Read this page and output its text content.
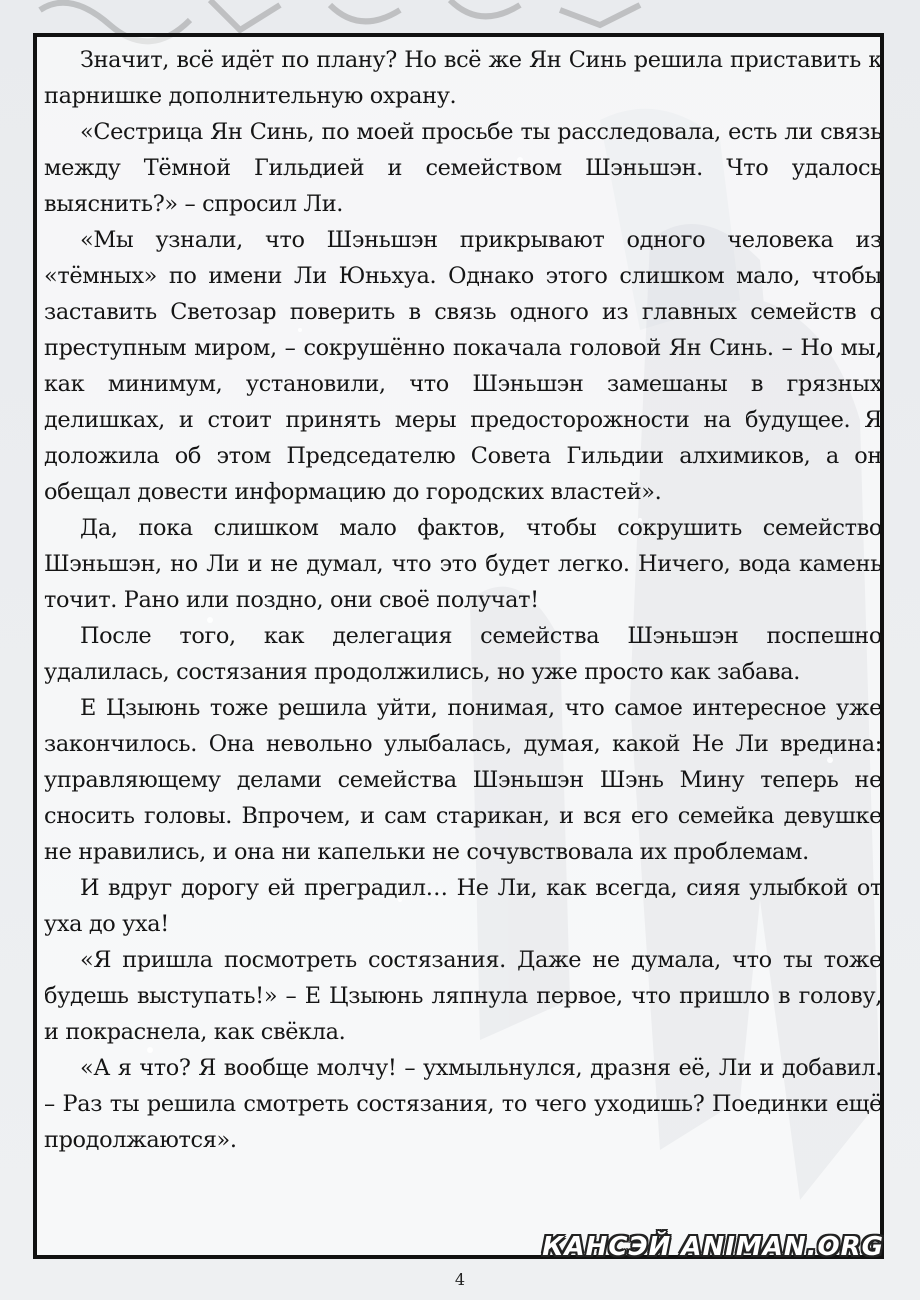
Значит, всё идёт по плану? Но всё же Ян Синь решила приставить к парнишке дополнительную охрану.

«Сестрица Ян Синь, по моей просьбе ты расследовала, есть ли связь между Тёмной Гильдией и семейством Шэньшэн. Что удалось выяснить?» – спросил Ли.

«Мы узнали, что Шэньшэн прикрывают одного человека из «тёмных» по имени Ли Юньхуа. Однако этого слишком мало, чтобы заставить Светозар поверить в связь одного из главных семейств с преступным миром, – сокрушённо покачала головой Ян Синь. – Но мы, как минимум, установили, что Шэньшэн замешаны в грязных делишках, и стоит принять меры предосторожности на будущее. Я доложила об этом Председателю Совета Гильдии алхимиков, а он обещал довести информацию до городских властей».

Да, пока слишком мало фактов, чтобы сокрушить семейство Шэньшэн, но Ли и не думал, что это будет легко. Ничего, вода камень точит. Рано или поздно, они своё получат!

После того, как делегация семейства Шэньшэн поспешно удалилась, состязания продолжились, но уже просто как забава.

Е Цзыюнь тоже решила уйти, понимая, что самое интересное уже закончилось. Она невольно улыбалась, думая, какой Не Ли вредина: управляющему делами семейства Шэньшэн Шэнь Мину теперь не сносить головы. Впрочем, и сам старикан, и вся его семейка девушке не нравились, и она ни капельки не сочувствовала их проблемам.

И вдруг дорогу ей преградил… Не Ли, как всегда, сияя улыбкой от уха до уха!

«Я пришла посмотреть состязания. Даже не думала, что ты тоже будешь выступать!» – Е Цзыюнь ляпнула первое, что пришло в голову, и покраснела, как свёкла.

«А я что? Я вообще молчу! – ухмыльнулся, дразня её, Ли и добавил. – Раз ты решила смотреть состязания, то чего уходишь? Поединки ещё продолжаются».

КАНСЭЙ ANIMAN.ORG
4
